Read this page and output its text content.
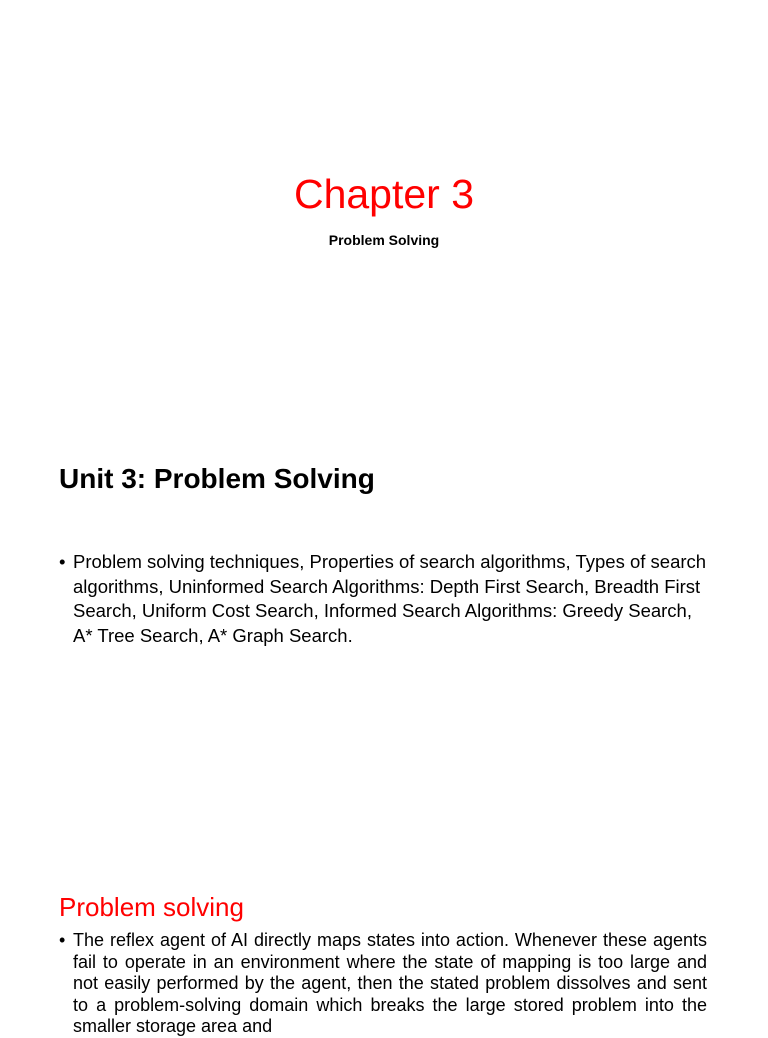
Chapter 3
Problem Solving
Unit 3: Problem Solving
• Problem solving techniques, Properties of search algorithms, Types of search algorithms, Uninformed Search Algorithms: Depth First Search, Breadth First Search, Uniform Cost Search, Informed Search Algorithms: Greedy Search, A* Tree Search, A* Graph Search.
Problem solving
• The reflex agent of AI directly maps states into action. Whenever these agents fail to operate in an environment where the state of mapping is too large and not easily performed by the agent, then the stated problem dissolves and sent to a problem-solving domain which breaks the large stored problem into the smaller storage area and
